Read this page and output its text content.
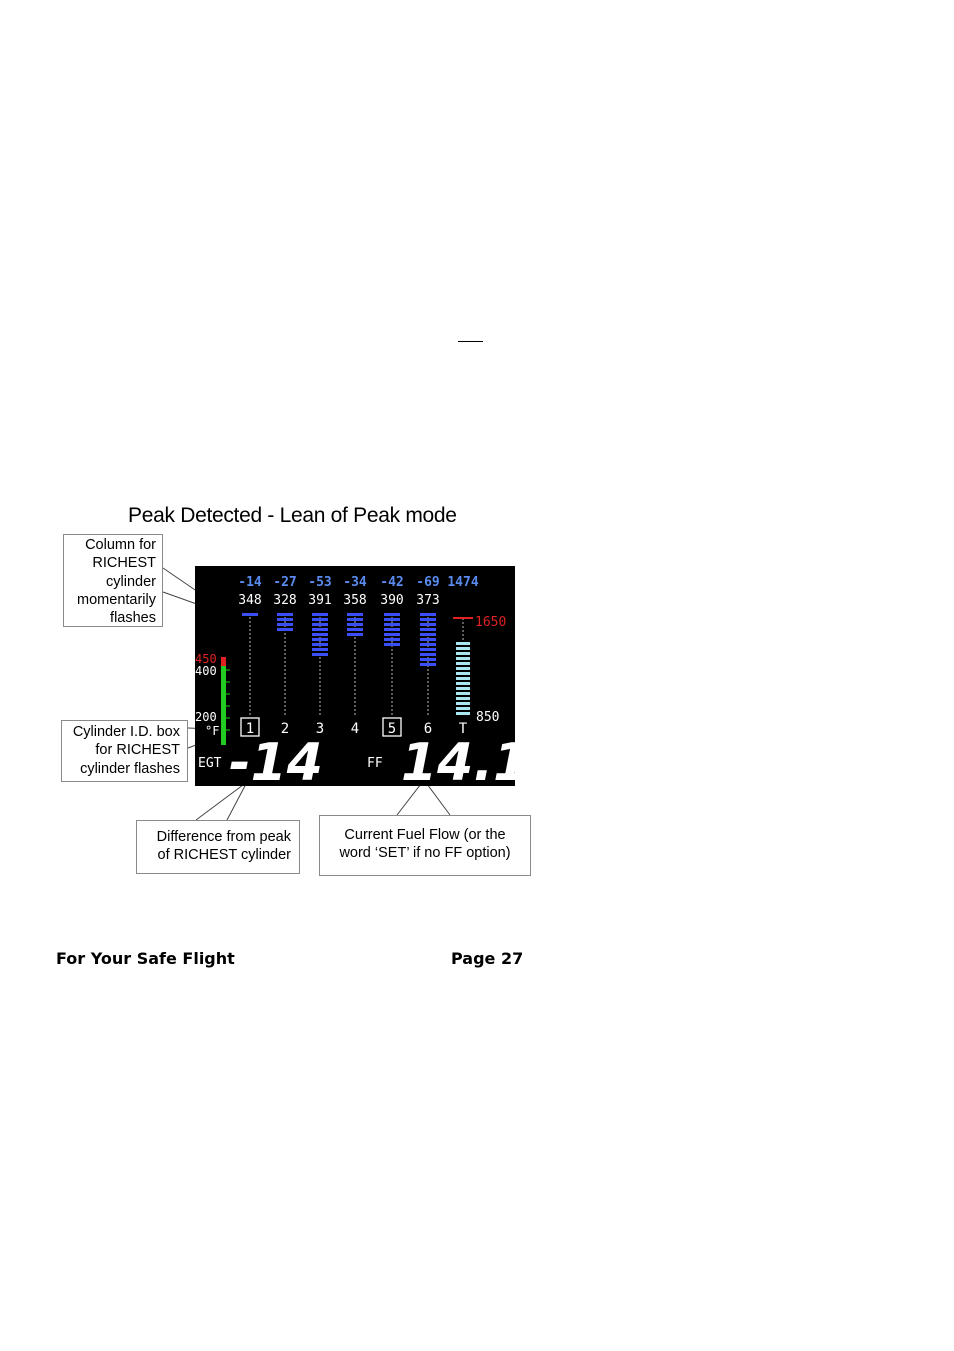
Peak Detected - Lean of Peak mode
Column for
RICHEST
cylinder
momentarily
flashes
Cylinder I.D. box
for RICHEST
cylinder flashes
Difference from peak
of RICHEST cylinder
Current Fuel Flow (or the
word ‘SET’ if no FF option)
-14 -27 -53 -34 -42 -69 1474
348 328 391 358 390 373
1650
850
450
400
200
°F 1 2 3 4 5 6 T
EGT -14	FF 14.1
For Your Safe Flight	Page 27
